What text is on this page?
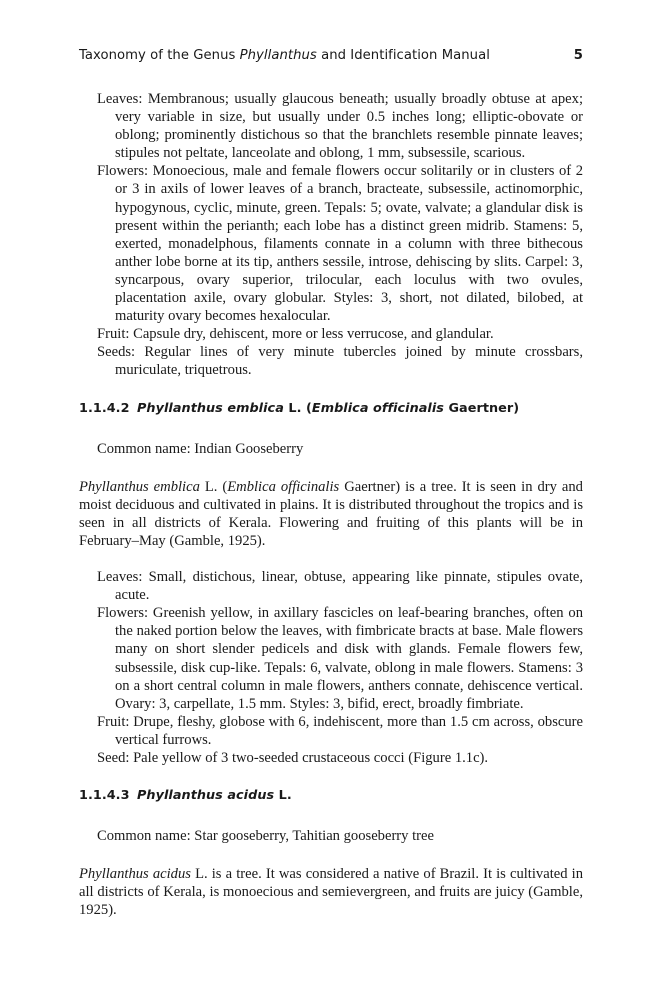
Taxonomy of the Genus Phyllanthus and Identification Manual	5

Leaves: Membranous; usually glaucous beneath; usually broadly obtuse at apex; very variable in size, but usually under 0.5 inches long; elliptic-obovate or oblong; prominently distichous so that the branchlets resemble pinnate leaves; stipules not peltate, lanceolate and oblong, 1 mm, subsessile, scarious.

Flowers: Monoecious, male and female flowers occur solitarily or in clusters of 2 or 3 in axils of lower leaves of a branch, bracteate, subsessile, actinomorphic, hypogynous, cyclic, minute, green. Tepals: 5; ovate, valvate; a glandular disk is present within the perianth; each lobe has a distinct green midrib. Stamens: 5, exerted, monadelphous, filaments connate in a column with three bithecous anther lobe borne at its tip, anthers sessile, introse, dehiscing by slits. Carpel: 3, syncarpous, ovary superior, trilocular, each loculus with two ovules, placentation axile, ovary globular. Styles: 3, short, not dilated, bilobed, at maturity ovary becomes hexalocular.

Fruit: Capsule dry, dehiscent, more or less verrucose, and glandular.

Seeds: Regular lines of very minute tubercles joined by minute crossbars, muriculate, triquetrous.

1.1.4.2 Phyllanthus emblica L. (Emblica officinalis Gaertner)

Common name: Indian Gooseberry

Phyllanthus emblica L. (Emblica officinalis Gaertner) is a tree. It is seen in dry and moist deciduous and cultivated in plains. It is distributed throughout the tropics and is seen in all districts of Kerala. Flowering and fruiting of this plants will be in February–May (Gamble, 1925).

Leaves: Small, distichous, linear, obtuse, appearing like pinnate, stipules ovate, acute.

Flowers: Greenish yellow, in axillary fascicles on leaf-bearing branches, often on the naked portion below the leaves, with fimbricate bracts at base. Male flowers many on short slender pedicels and disk with glands. Female flowers few, subsessile, disk cup-like. Tepals: 6, valvate, oblong in male flowers. Stamens: 3 on a short central column in male flowers, anthers connate, dehiscence vertical. Ovary: 3, carpellate, 1.5 mm. Styles: 3, bifid, erect, broadly fimbriate.

Fruit: Drupe, fleshy, globose with 6, indehiscent, more than 1.5 cm across, obscure vertical furrows.

Seed: Pale yellow of 3 two-seeded crustaceous cocci (Figure 1.1c).

1.1.4.3 Phyllanthus acidus L.

Common name: Star gooseberry, Tahitian gooseberry tree

Phyllanthus acidus L. is a tree. It was considered a native of Brazil. It is cultivated in all districts of Kerala, is monoecious and semievergreen, and fruits are juicy (Gamble, 1925).
